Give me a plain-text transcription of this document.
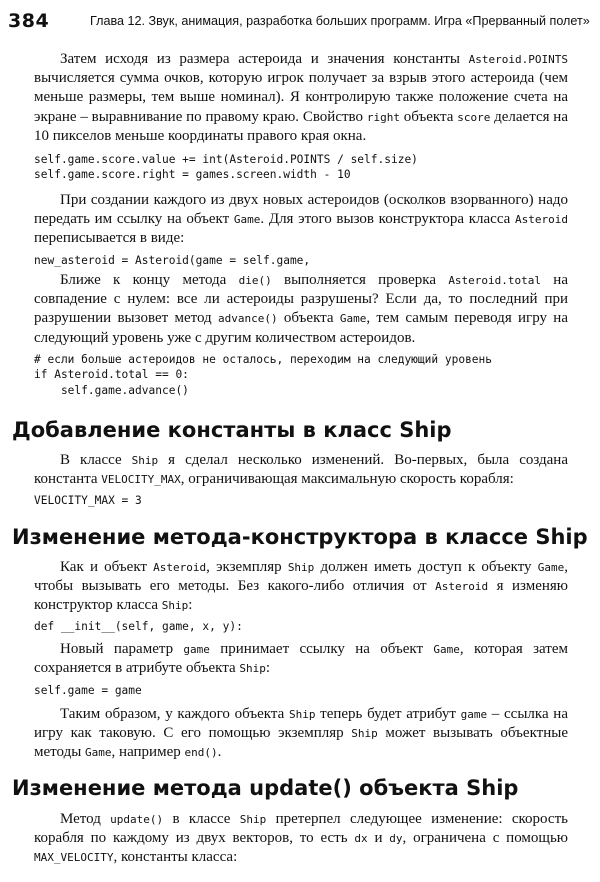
384	Глава 12. Звук, анимация, разработка больших программ. Игра «Прерванный полет»

Затем исходя из размера астероида и значения константы Asteroid.POINTS вычисляется сумма очков, которую игрок получает за взрыв этого астероида (чем меньше размеры, тем выше номинал). Я контролирую также положение счета на экране – выравнивание по правому краю. Свойство right объекта score делается на 10 пикселов меньше координаты правого края окна.

self.game.score.value += int(Asteroid.POINTS / self.size)
self.game.score.right = games.screen.width - 10

При создании каждого из двух новых астероидов (осколков взорванного) надо передать им ссылку на объект Game. Для этого вызов конструктора класса Asteroid переписывается в виде:

new_asteroid = Asteroid(game = self.game,

Ближе к концу метода die() выполняется проверка Asteroid.total на совпадение с нулем: все ли астероиды разрушены? Если да, то последний при разрушении вызовет метод advance() объекта Game, тем самым переводя игру на следующий уровень уже с другим количеством астероидов.

# если больше астероидов не осталось, переходим на следующий уровень
if Asteroid.total == 0:
self.game.advance()
Добавление константы в класс Ship

В классе Ship я сделал несколько изменений. Во-первых, была создана константа VELOCITY_MAX, ограничивающая максимальную скорость корабля:

VELOCITY_MAX = 3
Изменение метода-конструктора в классе Ship

Как и объект Asteroid, экземпляр Ship должен иметь доступ к объекту Game, чтобы вызывать его методы. Без какого-либо отличия от Asteroid я изменяю конструктор класса Ship:

def __init__(self, game, x, y):

Новый параметр game принимает ссылку на объект Game, которая затем сохраняется в атрибуте объекта Ship:

self.game = game

Таким образом, у каждого объекта Ship теперь будет атрибут game – ссылка на игру как таковую. С его помощью экземпляр Ship может вызывать объектные методы Game, например end().

Изменение метода update() объекта Ship

Метод update() в классе Ship претерпел следующее изменение: скорость корабля по каждому из двух векторов, то есть dx и dy, ограничена с помощью MAX_VELOCITY, константы класса:
